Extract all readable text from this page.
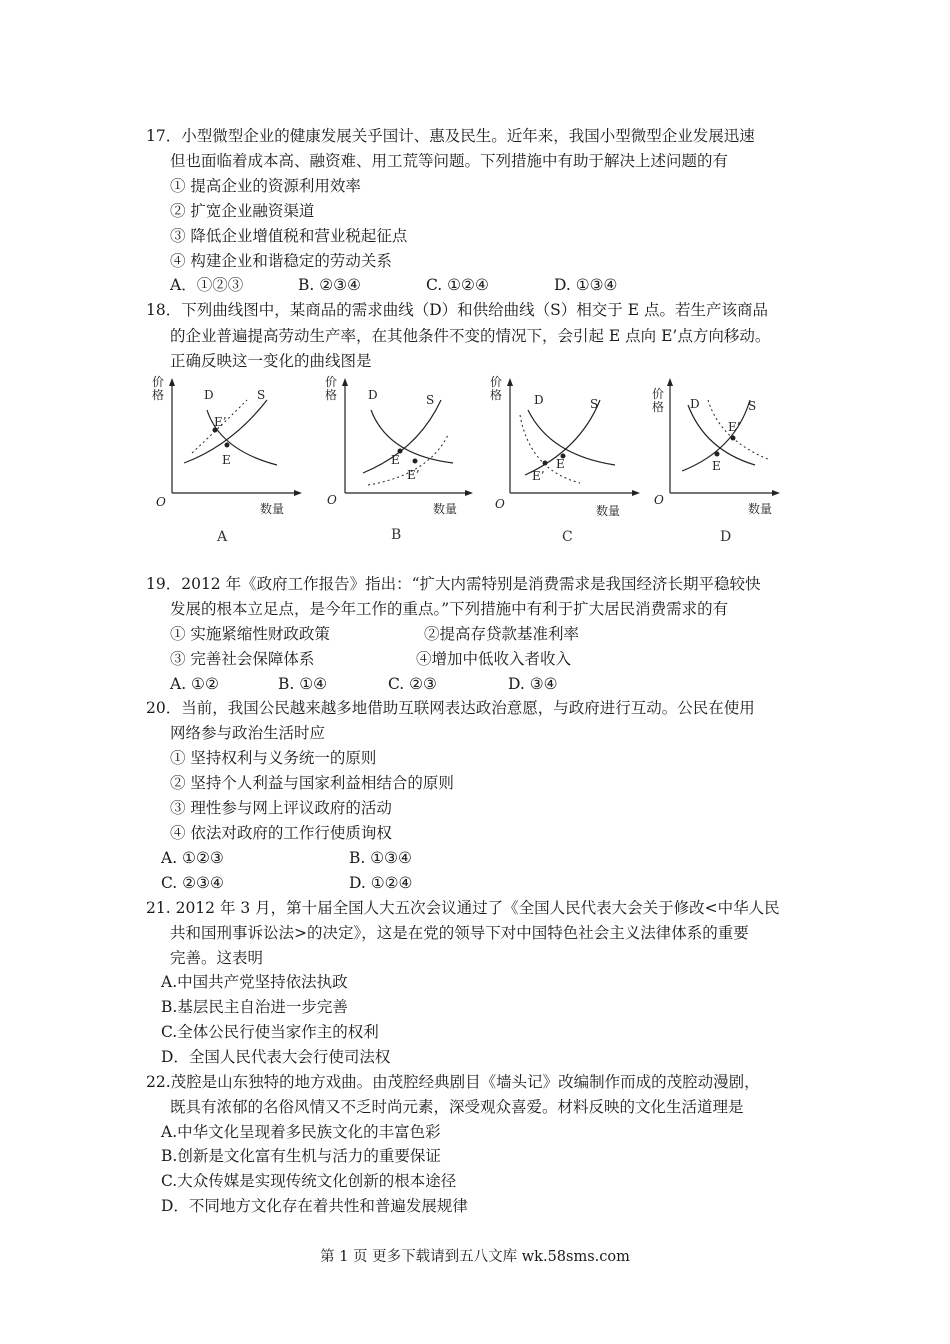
17．小型微型企业的健康发展关乎国计、惠及民生。近年来，我国小型微型企业发展迅速
但也面临着成本高、融资难、用工荒等问题。下列措施中有助于解决上述问题的有
① 提高企业的资源利用效率
② 扩宽企业融资渠道
③ 降低企业增值税和营业税起征点
④ 构建企业和谐稳定的劳动关系
A．①②③	B. ②③④	C. ①②④	D. ①③④
18．下列曲线图中，某商品的需求曲线（D）和供给曲线（S）相交于 E 点。若生产该商品
的企业普遍提高劳动生产率，在其他条件不变的情况下，会引起 E 点向 E’点方向移动。
正确反映这一变化的曲线图是
价
格	D	S
E’
E
O	数量
A
价
格	D	S
E
E’
O
数量
B
价
格	D	S
E
E’
O	数量
C
价
格 D	S
E’
E
O
数量
D
19．2012 年《政府工作报告》指出：“扩大内需特别是消费需求是我国经济长期平稳较快
发展的根本立足点，是今年工作的重点。”下列措施中有利于扩大居民消费需求的有
① 实施紧缩性财政政策	②提高存贷款基准利率
③ 完善社会保障体系	④增加中低收入者收入
A. ①②	B. ①④	C. ②③	D. ③④
20．当前，我国公民越来越多地借助互联网表达政治意愿，与政府进行互动。公民在使用
网络参与政治生活时应
① 坚持权利与义务统一的原则
② 坚持个人利益与国家利益相结合的原则
③ 理性参与网上评议政府的活动
④ 依法对政府的工作行使质询权
A. ①②③	B. ①③④
C. ②③④	D. ①②④
21. 2012 年 3 月，第十届全国人大五次会议通过了《全国人民代表大会关于修改<中华人民
共和国刑事诉讼法>的决定》，这是在党的领导下对中国特色社会主义法律体系的重要
完善。这表明
A.中国共产党坚持依法执政
B.基层民主自治进一步完善
C.全体公民行使当家作主的权利
D．全国人民代表大会行使司法权
22.茂腔是山东独特的地方戏曲。由茂腔经典剧目《墙头记》改编制作而成的茂腔动漫剧，
既具有浓郁的名俗风情又不乏时尚元素，深受观众喜爱。材料反映的文化生活道理是
A.中华文化呈现着多民族文化的丰富色彩
B.创新是文化富有生机与活力的重要保证
C.大众传媒是实现传统文化创新的根本途径
D．不同地方文化存在着共性和普遍发展规律
第 1 页 更多下载请到五八文库 wk.58sms.com
